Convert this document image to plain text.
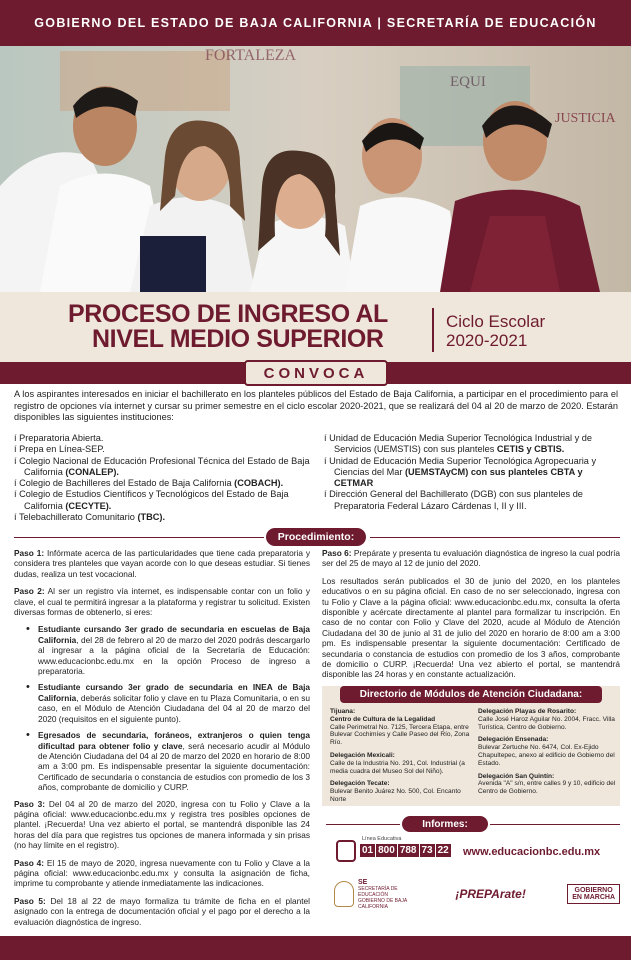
GOBIERNO DEL ESTADO DE BAJA CALIFORNIA | SECRETARÍA DE EDUCACIÓN
FORTALEZA
EQUI
JUSTICIA
PROCESO DE INGRESO AL
NIVEL MEDIO SUPERIOR
Ciclo Escolar
2020-2021
CONVOCA
A los aspirantes interesados en iniciar el bachillerato en los planteles públicos del Estado de Baja California, a participar en el procedimiento para el registro de opciones vía internet y cursar su primer semestre en el ciclo escolar 2020-2021, que se realizará del 04 al 20 de marzo de 2020. Estarán disponibles las siguientes instituciones:
í Preparatoria Abierta.
í Prepa en Línea-SEP.
í Colegio Nacional de Educación Profesional Técnica del Estado de Baja California (CONALEP).
í Colegio de Bachilleres del Estado de Baja California (COBACH).
í Colegio de Estudios Científicos y Tecnológicos del Estado de Baja California (CECYTE).
í Telebachillerato Comunitario (TBC).
í Unidad de Educación Media Superior Tecnológica Industrial y de Servicios (UEMSTIS) con sus planteles CETIS y CBTIS.
í Unidad de Educación Media Superior Tecnológica Agropecuaria y Ciencias del Mar (UEMSTAyCM) con sus planteles CBTA y CETMAR
í Dirección General del Bachillerato (DGB) con sus planteles de Preparatoria Federal Lázaro Cárdenas I, II y III.
Procedimiento:

Paso 1: Infórmate acerca de las particularidades que tiene cada preparatoria y considera tres planteles que vayan acorde con lo que deseas estudiar. Si tienes dudas, realiza un test vocacional.

Paso 2: Al ser un registro vía internet, es indispensable contar con un folio y clave, el cual te permitirá ingresar a la plataforma y registrar tu solicitud. Existen diversas formas de obtenerlo, si eres:

• Estudiante cursando 3er grado de secundaria en escuelas de Baja California, del 28 de febrero al 20 de marzo del 2020 podrás descargarlo al ingresar a la página oficial de la Secretaría de Educación: www.educacionbc.edu.mx en la opción Proceso de ingreso a preparatoria.
• Estudiante cursando 3er grado de secundaria en INEA de Baja California, deberás solicitar folio y clave en tu Plaza Comunitaria, o en su caso, en el Módulo de Atención Ciudadana del 04 al 20 de marzo del 2020 (requisitos en el siguiente punto).
• Egresados de secundaria, foráneos, extranjeros o quien tenga dificultad para obtener folio y clave, será necesario acudir al Módulo de Atención Ciudadana del 04 al 20 de marzo del 2020 en horario de 8:00 am a 3:00 pm. Es indispensable presentar la siguiente documentación: Certificado de secundaria o constancia de estudios con promedio de los 3 años, comprobante de domicilio y CURP.

Paso 3: Del 04 al 20 de marzo del 2020, ingresa con tu Folio y Clave a la página oficial: www.educacionbc.edu.mx y registra tres posibles opciones de plantel. ¡Recuerda! Una vez abierto el portal, se mantendrá disponible las 24 horas del día para que registres tus opciones de manera informada y sin prisas (no hay límite en el registro).

Paso 4: El 15 de mayo de 2020, ingresa nuevamente con tu Folio y Clave a la página oficial: www.educacionbc.edu.mx y consulta la asignación de ficha, imprime tu comprobante y atiende inmediatamente las indicaciones.

Paso 5: Del 18 al 22 de mayo formaliza tu trámite de ficha en el plantel asignado con la entrega de documentación oficial y el pago por el derecho a la evaluación diagnóstica de ingreso.

Paso 6: Prepárate y presenta tu evaluación diagnóstica de ingreso la cual podría ser del 25 de mayo al 12 de junio del 2020.

Los resultados serán publicados el 30 de junio del 2020, en los planteles educativos o en su página oficial. En caso de no ser seleccionado, ingresa con tu Folio y Clave a la página oficial: www.educacionbc.edu.mx, consulta la oferta disponible y acércate directamente al plantel para formalizar tu inscripción. En caso de no contar con Folio y Clave del 2020, acude al Módulo de Atención Ciudadana del 30 de junio al 31 de julio del 2020 en horario de 8:00 am a 3:00 pm. Es indispensable presentar la siguiente documentación: Certificado de secundaria o constancia de estudios con promedio de los 3 años, comprobante de domicilio o CURP. ¡Recuerda! Una vez abierto el portal, se mantendrá disponible las 24 horas y en constante actualización.

Directorio de Módulos de Atención Ciudadana:

Tijuana:
Centro de Cultura de la Legalidad
Calle Perimetral No. 7125, Tercera Etapa, entre Bulevar Cochimíes y Calle Paseo del Río, Zona Río.

Delegación Mexicali:
Calle de la Industria No. 291, Col. Industrial (a media cuadra del Museo Sol del Niño).

Delegación Tecate:
Bulevar Benito Juárez No. 500, Col. Encanto Norte

Delegación Playas de Rosarito:
Calle José Haroz Aguilar No. 2004, Fracc. Villa Turística, Centro de Gobierno.

Delegación Ensenada:
Bulevar Zertuche No. 6474, Col. Ex-Ejido Chapultepec, anexo al edificio de Gobierno del Estado.

Delegación San Quintín:
Avenida "A" s/n, entre calles 9 y 10, edificio del Centro de Gobierno.

Informes:
Línea Educativa
01 800 788 73 22 www.educacionbc.edu.mx
SE
SECRETARÍA DE EDUCACIÓN GOBIERNO DE BAJA CALIFORNIA
¡PREPArate!	GOBIERNO
EN MARCHA
